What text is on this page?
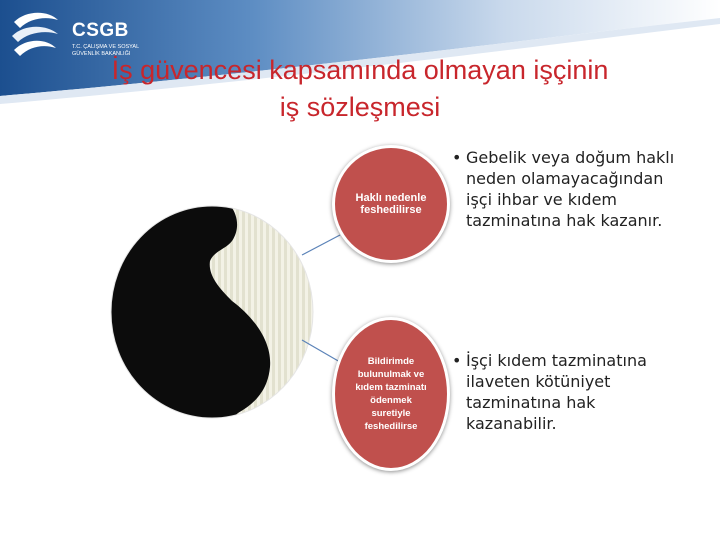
CSGB
T.C. ÇALIŞMA VE SOSYAL GÜVENLİK BAKANLIĞI
İş güvencesi kapsamında olmayan işçinin iş sözleşmesi
Haklı nedenle feshedilirse
Bildirimde bulunulmak ve kıdem tazminatı ödenmek suretiyle feshedilirse
• Gebelik veya doğum haklı neden olamayacağından işçi ihbar ve kıdem tazminatına hak kazanır.
• İşçi kıdem tazminatına ilaveten kötüniyet tazminatına hak kazanabilir.
